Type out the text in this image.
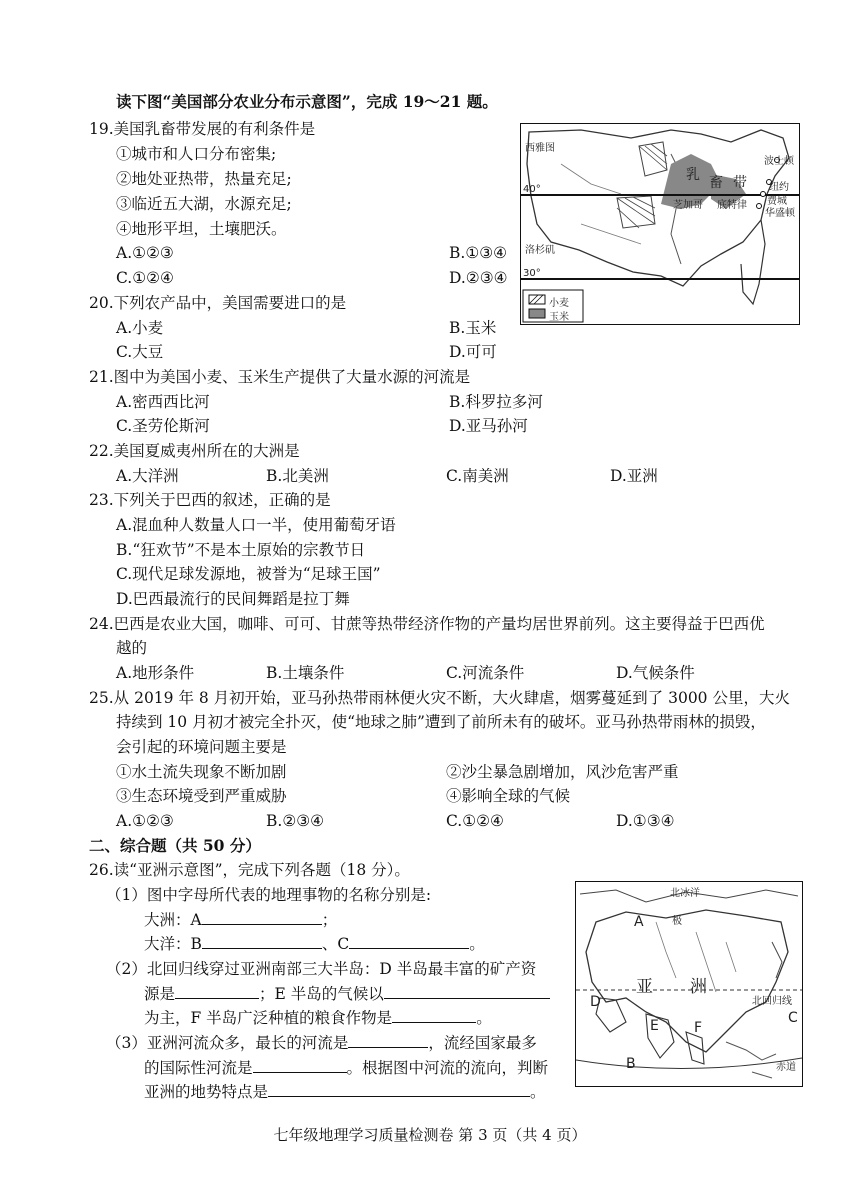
读下图“美国部分农业分布示意图”，完成 19～21 题。
19.美国乳畜带发展的有利条件是
①城市和人口分布密集;
②地处亚热带，热量充足;
③临近五大湖，水源充足;
④地形平坦，土壤肥沃。
A.①②③	B.①③④
C.①②④	D.②③④
西雅图
波士顿
纽约
费城
华盛顿
洛杉矶
芝加哥 底特律
乳 畜 带
40°
30°
小麦
玉米
20.下列农产品中，美国需要进口的是
A.小麦	B.玉米
C.大豆	D.可可
21.图中为美国小麦、玉米生产提供了大量水源的河流是
A.密西西比河	B.科罗拉多河
C.圣劳伦斯河	D.亚马孙河
22.美国夏威夷州所在的大洲是
A.大洋洲	B.北美洲	C.南美洲	D.亚洲
23.下列关于巴西的叙述，正确的是
A.混血种人数量人口一半，使用葡萄牙语
B.“狂欢节”不是本土原始的宗教节日
C.现代足球发源地，被誉为“足球王国”
D.巴西最流行的民间舞蹈是拉丁舞
24.巴西是农业大国，咖啡、可可、甘蔗等热带经济作物的产量均居世界前列。这主要得益于巴西优
越的
A.地形条件	B.土壤条件	C.河流条件	D.气候条件
25.从 2019 年 8 月初开始，亚马孙热带雨林便火灾不断，大火肆虐，烟雾蔓延到了 3000 公里，大火
持续到 10 月初才被完全扑灭，使“地球之肺”遭到了前所未有的破坏。亚马孙热带雨林的损毁，
会引起的环境问题主要是
①水土流失现象不断加剧	②沙尘暴急剧增加，风沙危害严重
③生态环境受到严重威胁	④影响全球的气候
A.①②③	B.②③④	C.①②④	D.①③④
二、综合题（共 50 分）
26.读“亚洲示意图”，完成下列各题（18 分）。
（1）图中字母所代表的地理事物的名称分别是:
大洲：A	；
大洋：B	、C	。
（2）北回归线穿过亚洲南部三大半岛：D 半岛最丰富的矿产资
源是	；E 半岛的气候以
为主，F 半岛广泛种植的粮食作物是	。
（3）亚洲河流众多，最长的河流是	，流经国家最多
的国际性河流是	。根据图中河流的流向，判断
亚洲的地势特点是	。
北冰洋
A
B
C
D
E	F
极
亚 洲
北回归线
赤道
七年级地理学习质量检测卷 第 3 页（共 4 页）
